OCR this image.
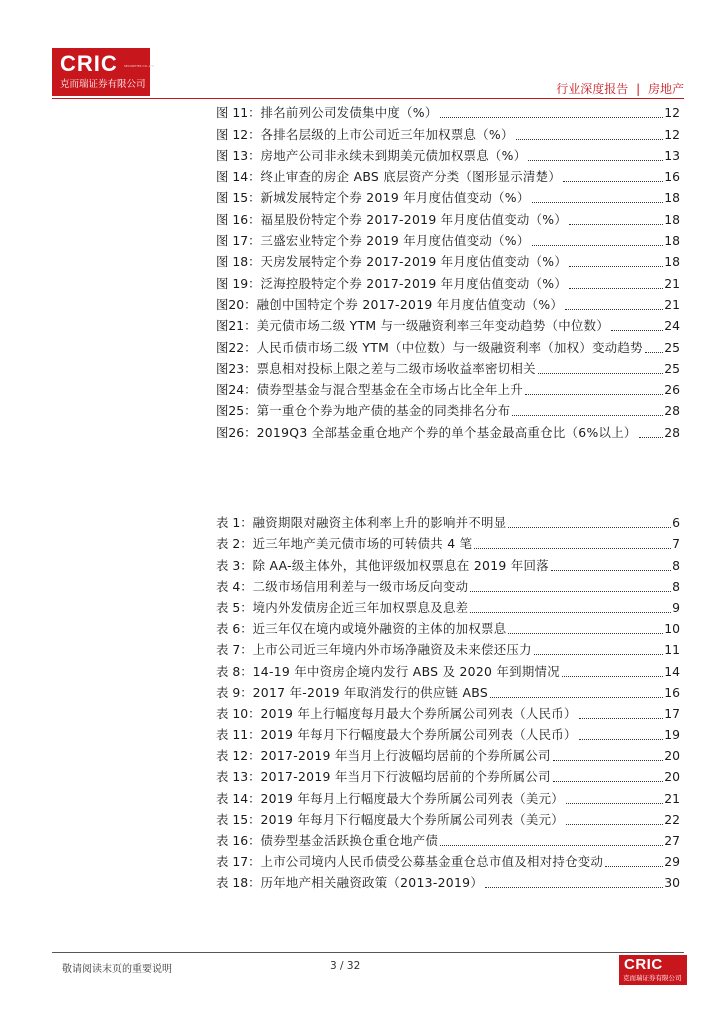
CRIC SECURITIES CO.,LTD
克而瑞证券有限公司	行业深度报告 | 房地产
图 11： 排名前列公司发债集中度（%）	12
图 12： 各排名层级的上市公司近三年加权票息（%）	12
图 13： 房地产公司非永续未到期美元债加权票息（%）	13
图 14： 终止审查的房企 ABS 底层资产分类（图形显示清楚）	16
图 15： 新城发展特定个券 2019 年月度估值变动（%）	18
图 16： 福星股份特定个券 2017-2019 年月度估值变动（%）	18
图 17： 三盛宏业特定个券 2019 年月度估值变动（%）	18
图 18： 天房发展特定个券 2017-2019 年月度估值变动（%）	18
图 19： 泛海控股特定个券 2017-2019 年月度估值变动（%）	21
图20： 融创中国特定个券 2017-2019 年月度估值变动（%）	21
图21： 美元债市场二级 YTM 与一级融资利率三年变动趋势（中位数）	24
图22： 人民币债市场二级 YTM（中位数）与一级融资利率（加权）变动趋势 25
图23： 票息相对投标上限之差与二级市场收益率密切相关	25
图24： 债券型基金与混合型基金在全市场占比全年上升	26
图25： 第一重仓个券为地产债的基金的同类排名分布	28
图26： 2019Q3 全部基金重仓地产个券的单个基金最高重仓比（6%以上） 28
表 1： 融资期限对融资主体利率上升的影响并不明显	6
表 2： 近三年地产美元债市场的可转债共 4 笔	7
表 3： 除 AA-级主体外，其他评级加权票息在 2019 年回落	8
表 4： 二级市场信用利差与一级市场反向变动	8
表 5： 境内外发债房企近三年加权票息及息差	9
表 6： 近三年仅在境内或境外融资的主体的加权票息	10
表 7： 上市公司近三年境内外市场净融资及未来偿还压力	11
表 8： 14-19 年中资房企境内发行 ABS 及 2020 年到期情况	14
表 9： 2017 年-2019 年取消发行的供应链 ABS	16
表 10： 2019 年上行幅度每月最大个券所属公司列表（人民币）	17
表 11： 2019 年每月下行幅度最大个券所属公司列表（人民币）	19
表 12： 2017-2019 年当月上行波幅均居前的个券所属公司	20
表 13： 2017-2019 年当月下行波幅均居前的个券所属公司	20
表 14： 2019 年每月上行幅度最大个券所属公司列表（美元）	21
表 15： 2019 年每月下行幅度最大个券所属公司列表（美元）	22
表 16： 债券型基金活跃换仓重仓地产债	27
表 17： 上市公司境内人民币债受公募基金重仓总市值及相对持仓变动	29
表 18： 历年地产相关融资政策（2013-2019）	30
敬请阅读末页的重要说明	3 / 32	CRIC
克而瑞证券有限公司
